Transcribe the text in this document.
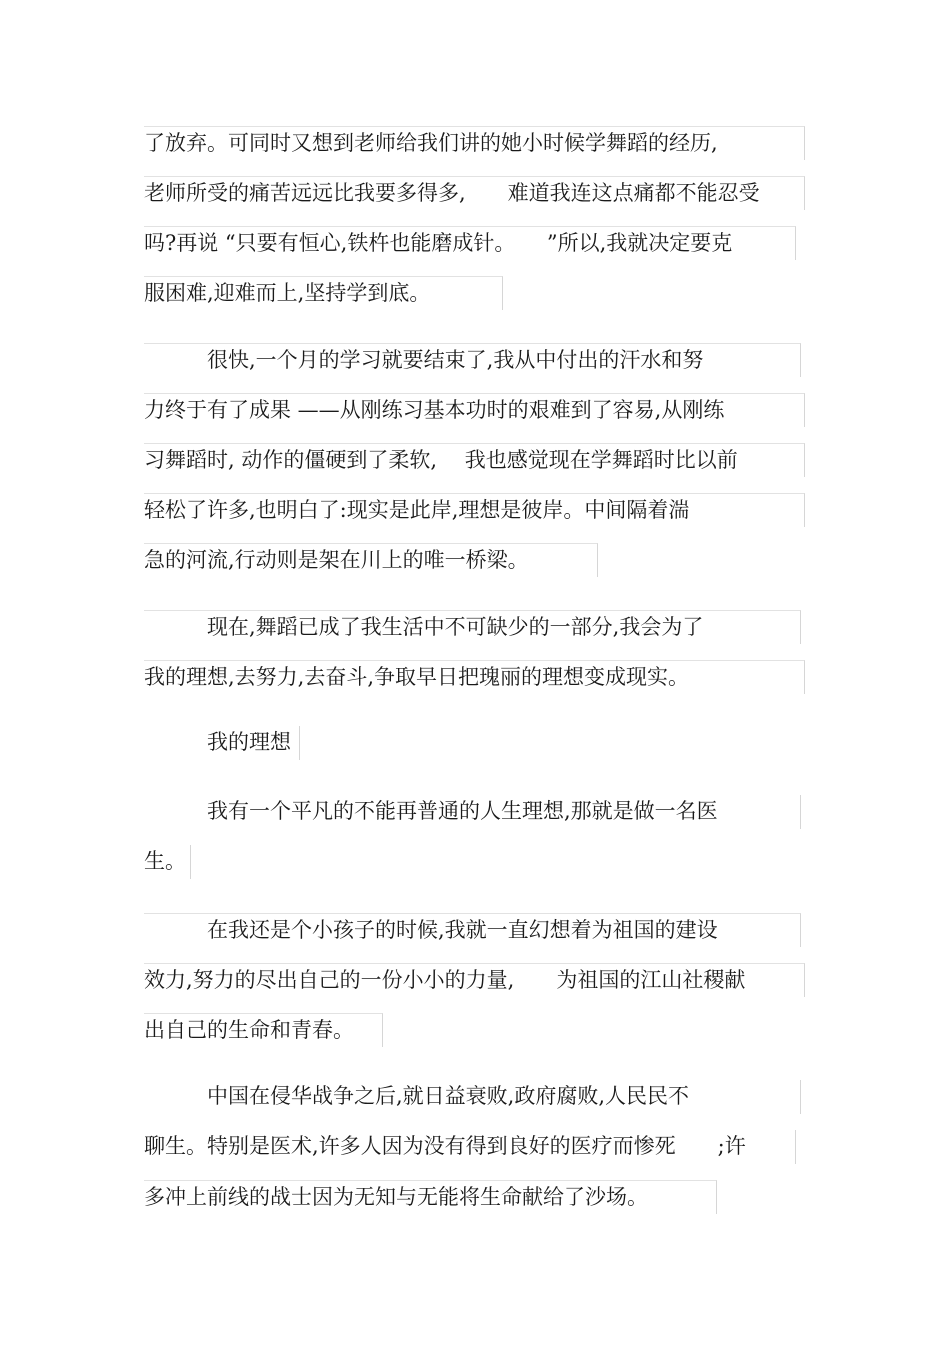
了放弃。可同时又想到老师给我们讲的她小时候学舞蹈的经历,
老师所受的痛苦远远比我要多得多,　　难道我连这点痛都不能忍受
吗?再说 “只要有恒心,铁杵也能磨成针。　　”所以,我就决定要克
服困难,迎难而上,坚持学到底。
　　　很快,一个月的学习就要结束了,我从中付出的汗水和努
力终于有了成果 ——从刚练习基本功时的艰难到了容易,从刚练
习舞蹈时, 动作的僵硬到了柔软,　 我也感觉现在学舞蹈时比以前
轻松了许多,也明白了:现实是此岸,理想是彼岸。中间隔着湍
急的河流,行动则是架在川上的唯一桥梁。
　　　现在,舞蹈已成了我生活中不可缺少的一部分,我会为了
我的理想,去努力,去奋斗,争取早日把瑰丽的理想变成现实。
　　　我的理想
　　　我有一个平凡的不能再普通的人生理想,那就是做一名医
生。
　　　在我还是个小孩子的时候,我就一直幻想着为祖国的建设
效力,努力的尽出自己的一份小小的力量,　　为祖国的江山社稷献
出自己的生命和青春。
　　　中国在侵华战争之后,就日益衰败,政府腐败,人民民不
聊生。特别是医术,许多人因为没有得到良好的医疗而惨死　　;许
多冲上前线的战士因为无知与无能将生命献给了沙场。
